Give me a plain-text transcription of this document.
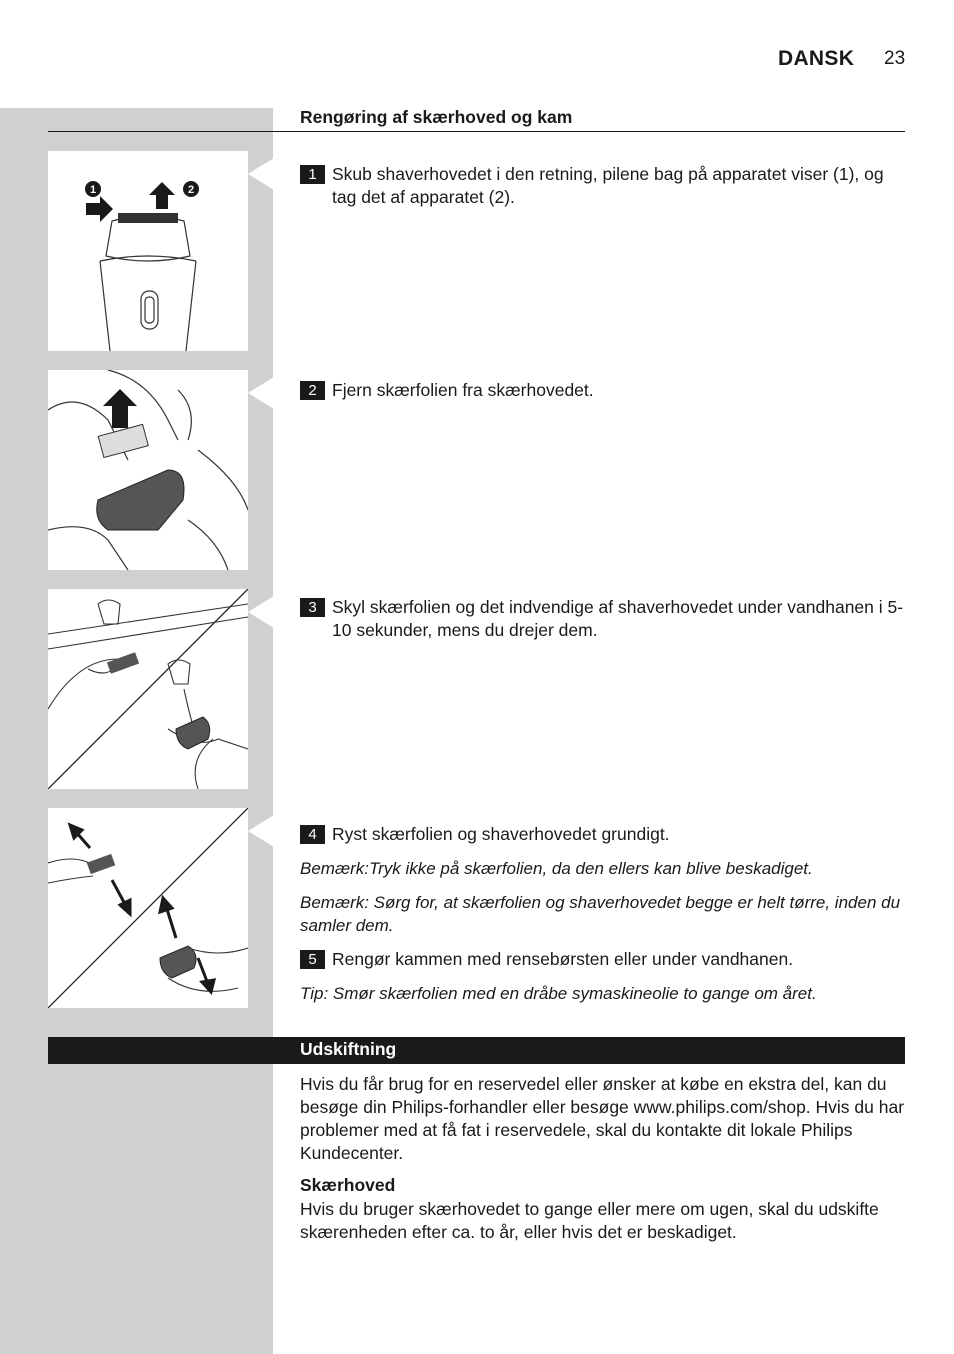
DANSK 23
Rengøring af skærhoved og kam
1	2
1 Skub shaverhovedet i den retning, pilene bag på apparatet viser (1), og tag det af apparatet (2).
2 Fjern skærfolien fra skærhovedet.
3 Skyl skærfolien og det indvendige af shaverhovedet under vandhanen i 5-10 sekunder, mens du drejer dem.
4 Ryst skærfolien og shaverhovedet grundigt.
Bemærk:Tryk ikke på skærfolien, da den ellers kan blive beskadiget.
Bemærk: Sørg for, at skærfolien og shaverhovedet begge er helt tørre, inden du samler dem.
5 Rengør kammen med rensebørsten eller under vandhanen.
Tip: Smør skærfolien med en dråbe symaskineolie to gange om året.
Udskiftning
Hvis du får brug for en reservedel eller ønsker at købe en ekstra del, kan du besøge din Philips-forhandler eller besøge www.philips.com/shop. Hvis du har problemer med at få fat i reservedele, skal du kontakte dit lokale Philips Kundecenter.
Skærhoved
Hvis du bruger skærhovedet to gange eller mere om ugen, skal du udskifte skærenheden efter ca. to år, eller hvis det er beskadiget.
